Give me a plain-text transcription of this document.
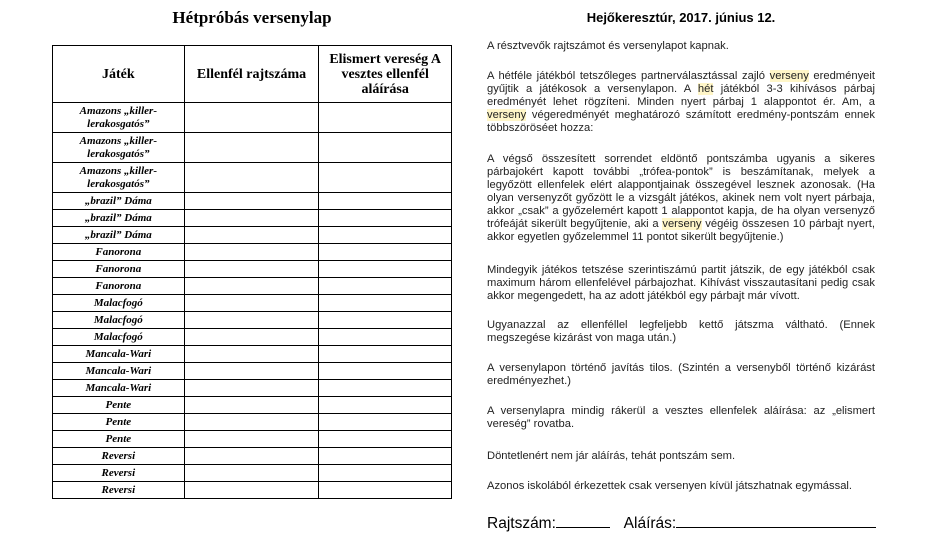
Hétpróbás versenylap
Játék	Ellenfél rajtszáma	Elismert vereség A vesztes ellenfél aláírása
Amazons „killer-lerakosgatós”		
Amazons „killer-lerakosgatós”		
Amazons „killer-lerakosgatós”		
„brazil” Dáma		
„brazil” Dáma		
„brazil” Dáma		
Fanorona		
Fanorona		
Fanorona		
Malacfogó		
Malacfogó		
Malacfogó		
Mancala-Wari		
Mancala-Wari		
Mancala-Wari		
Pente		
Pente		
Pente		
Reversi		
Reversi		
Reversi		
Hejőkeresztúr, 2017. június 12.
A résztvevők rajtszámot és versenylapot kapnak.
A hétféle játékból tetszőleges partnerválasztással zajló verseny eredményeit gyűjtik a játékosok a versenylapon. A hét játékból 3-3 kihívásos párbaj eredményét lehet rögzíteni. Minden nyert párbaj 1 alappontot ér. Am, a verseny végeredményét meghatározó számított eredmény-pontszám ennek többszöröséet hozza:
A végső összesített sorrendet eldöntő pontszámba ugyanis a sikeres párbajokért kapott további „trófea-pontok” is beszámítanak, melyek a legyőzött ellenfelek elért alappontjainak összegével lesznek azonosak. (Ha olyan versenyzőt győzött le a vizsgált játékos, akinek nem volt nyert párbaja, akkor „csak” a győzelemért kapott 1 alappontot kapja, de ha olyan versenyző trófeáját sikerült begyűjtenie, aki a verseny végéig összesen 10 párbajt nyert, akkor egyetlen győzelemmel 11 pontot sikerült begyűjtenie.)
Mindegyik játékos tetszése szerintiszámú partit játszik, de egy játékból csak maximum három ellenfelével párbajozhat. Kihívást visszautasítani pedig csak akkor megengedett, ha az adott játékból egy párbajt már vívott.
Ugyanazzal az ellenféllel legfeljebb kettő játszma váltható. (Ennek megszegése kizárást von maga után.)
A versenylapon történő javítás tilos. (Szintén a versenyből történő kizárást eredményezhet.)
A versenylapra mindig rákerül a vesztes ellenfelek aláírása: az „elismert vereség” rovatba.
Döntetlenért nem jár aláírás, tehát pontszám sem.
Azonos iskolából érkezettek csak versenyen kívül játszhatnak egymással.
Rajtszám:	Aláírás:
